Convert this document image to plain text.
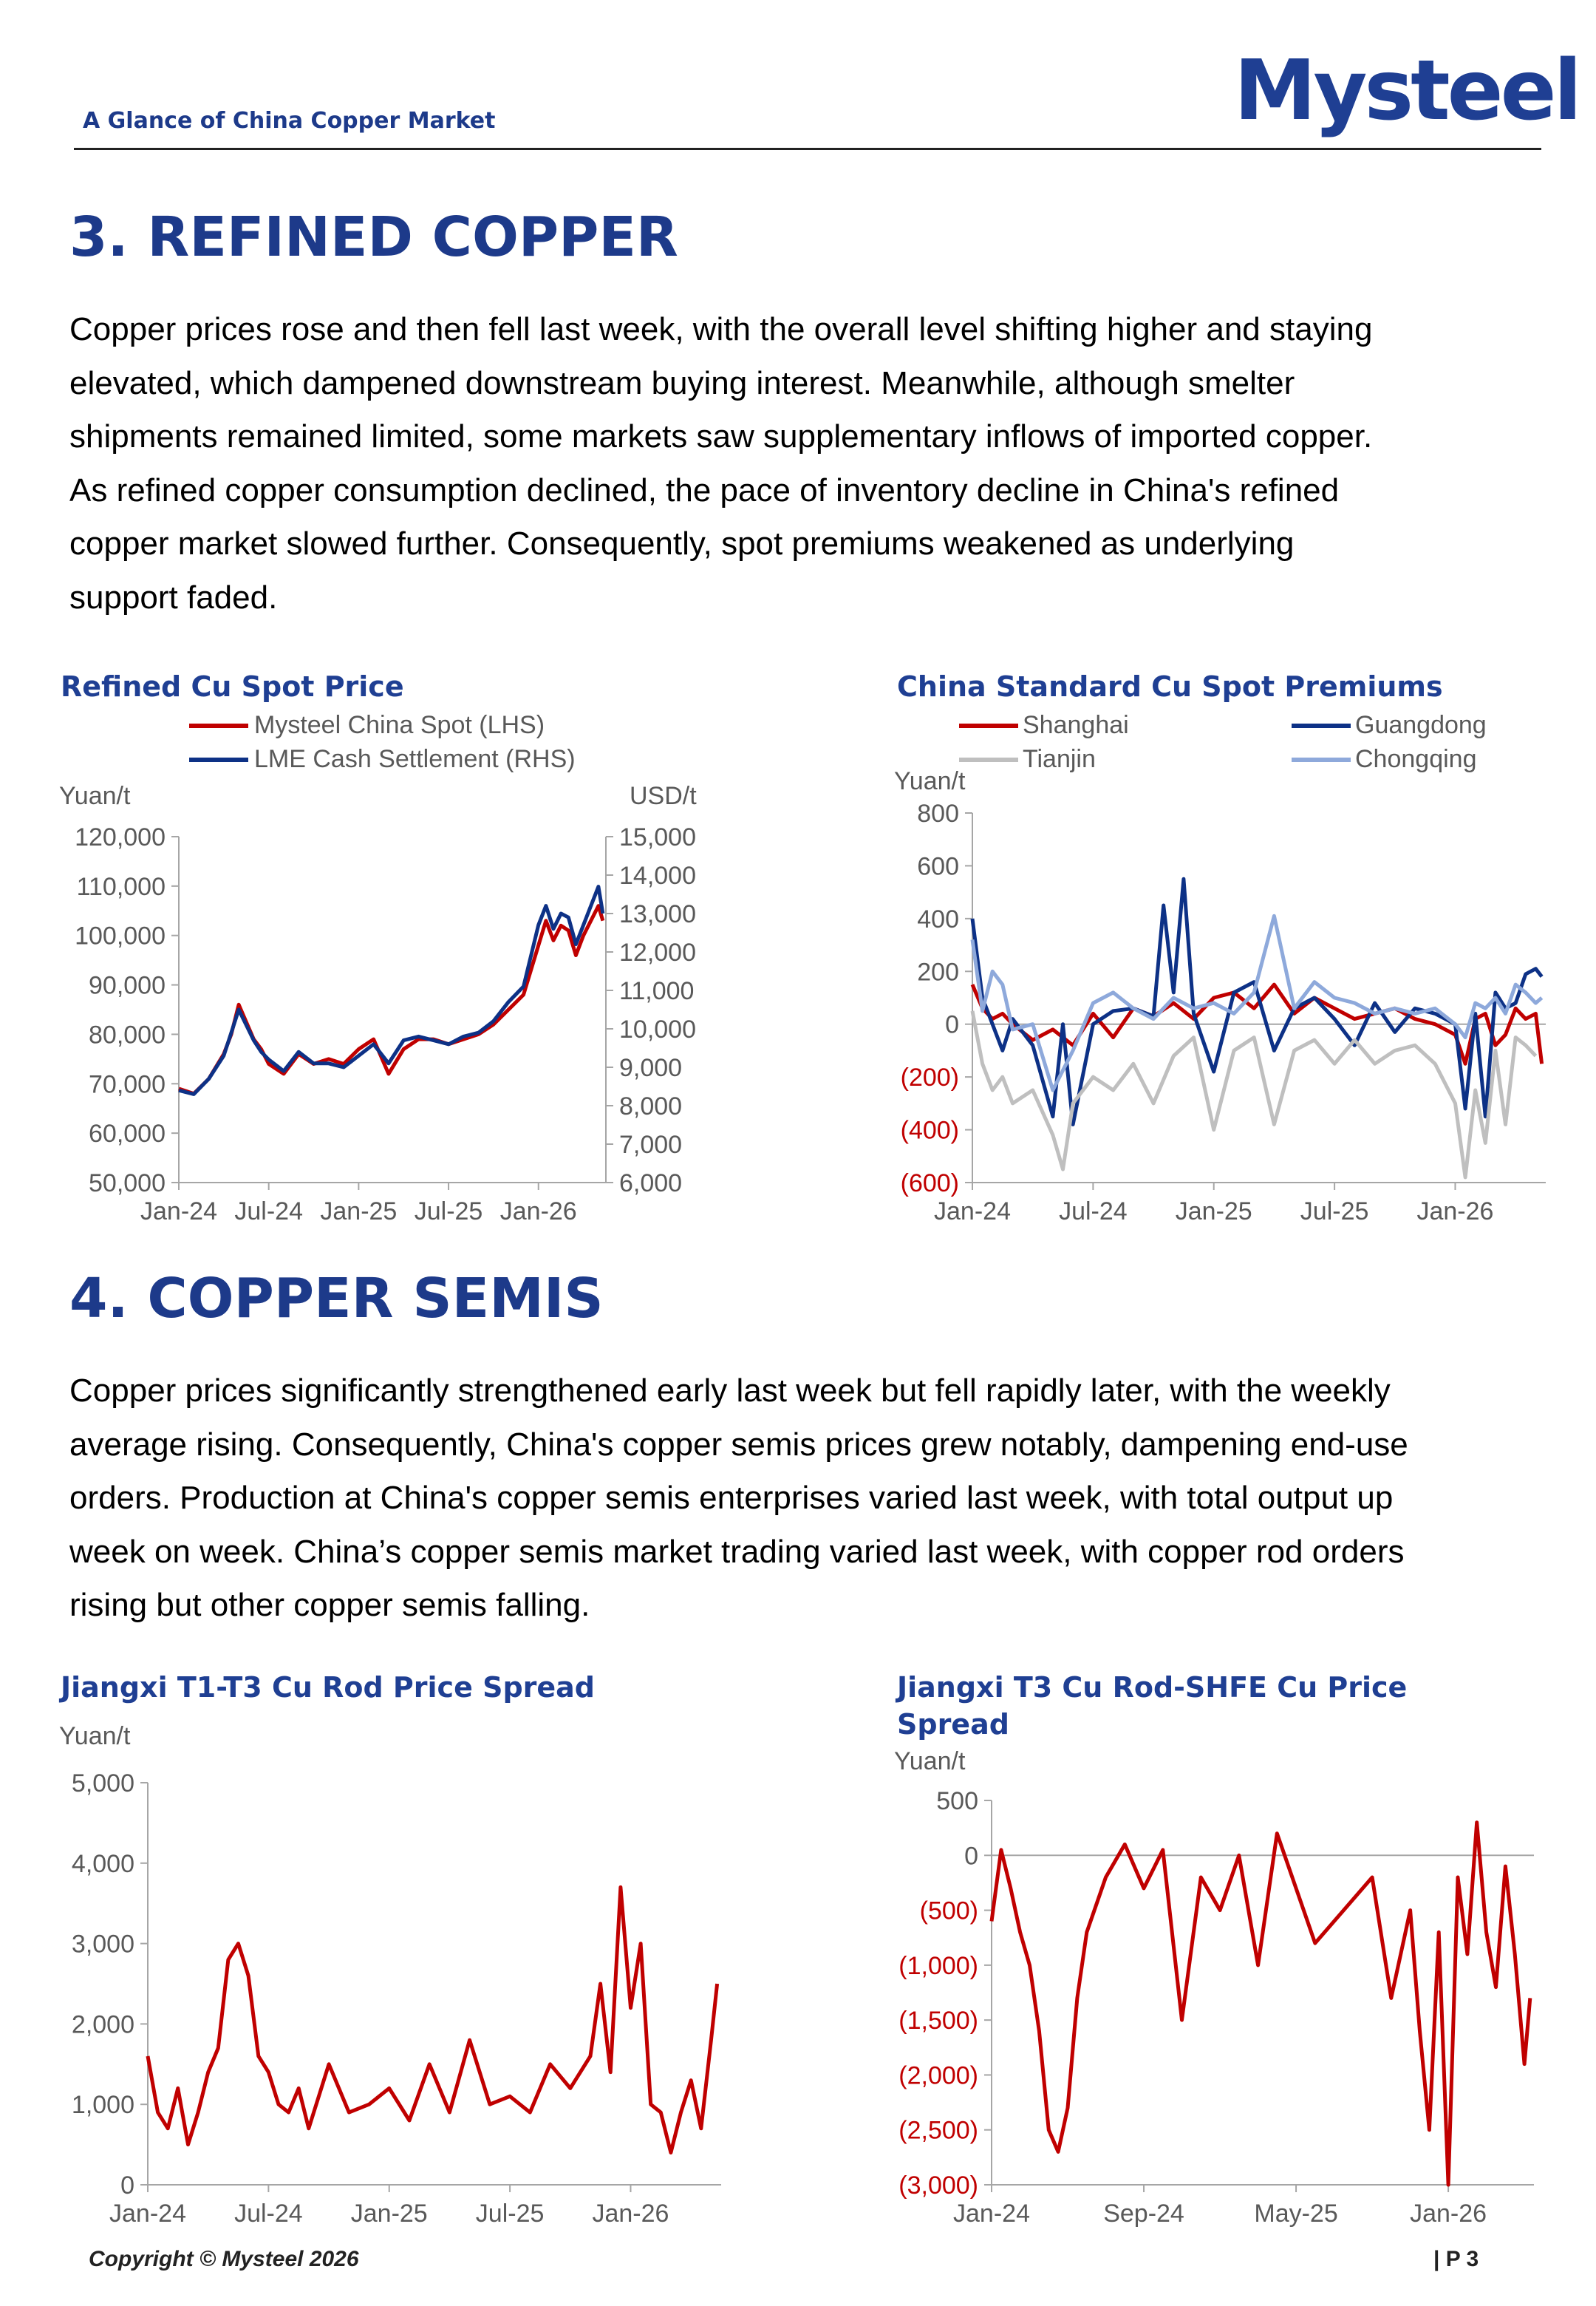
A Glance of China Copper Market	Mysteel
3. REFINED COPPER
Copper prices rose and then fell last week, with the overall level shifting higher and staying
elevated, which dampened downstream buying interest. Meanwhile, although smelter
shipments remained limited, some markets saw supplementary inflows of imported copper.
As refined copper consumption declined, the pace of inventory decline in China's refined
copper market slowed further. Consequently, spot premiums weakened as underlying
support faded.
Refined Cu Spot Price	China Standard Cu Spot Premiums
Mysteel China Spot (LHS)
LME Cash Settlement (RHS)
Yuan/t	USD/t
120,000
110,000
100,000
90,000
80,000
70,000
60,000
50,000
15,000
14,000
13,000
12,000
11,000
10,000
9,000
8,000
7,000
6,000
Jan-24 Jul-24 Jan-25 Jul-25 Jan-26
Shanghai	Guangdong
Tianjin	Chongqing
Yuan/t
800
600
400
200
0
(200)
(400)
(600)
Jan-24 Jul-24 Jan-25 Jul-25 Jan-26
4. COPPER SEMIS
Copper prices significantly strengthened early last week but fell rapidly later, with the weekly
average rising. Consequently, China's copper semis prices grew notably, dampening end-use
orders. Production at China's copper semis enterprises varied last week, with total output up
week on week. China’s copper semis market trading varied last week, with copper rod orders
rising but other copper semis falling.
Jiangxi T1-T3 Cu Rod Price Spread	Jiangxi T3 Cu Rod-SHFE Cu Price Spread
Yuan/t
5,000
4,000
3,000
2,000
1,000
0
Jan-24 Jul-24 Jan-25 Jul-25 Jan-26
Yuan/t
500
0
(500)
(1,000)
(1,500)
(2,000)
(2,500)
(3,000)
Jan-24	Sep-24	May-25	Jan-26
Copyright © Mysteel 2026	| P 3
